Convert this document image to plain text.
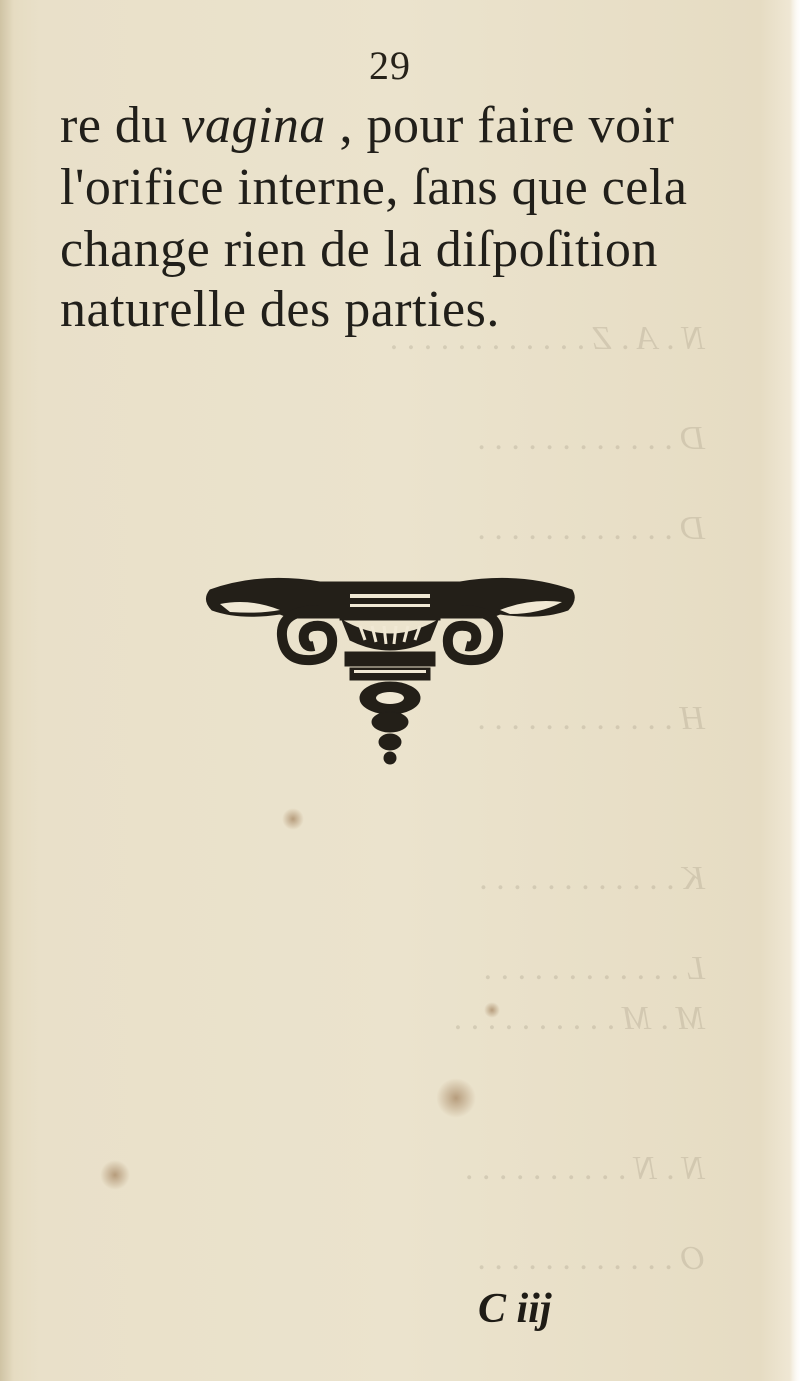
N . A . Z . . . . . . . . . . . .
D . . . . . . . . . . . .
D . . . . . . . . . . . .
H . . . . . . . . . . . .
K . . . . . . . . . . . .
L . . . . . . . . . . . .
M . M . . . . . . . . . .
N . N . . . . . . . . . .
O . . . . . . . . . . . .
29
re du vagina , pour faire voir
l'orifice interne, ſans que cela
change rien de la diſpoſition
naturelle des parties.
C iij
